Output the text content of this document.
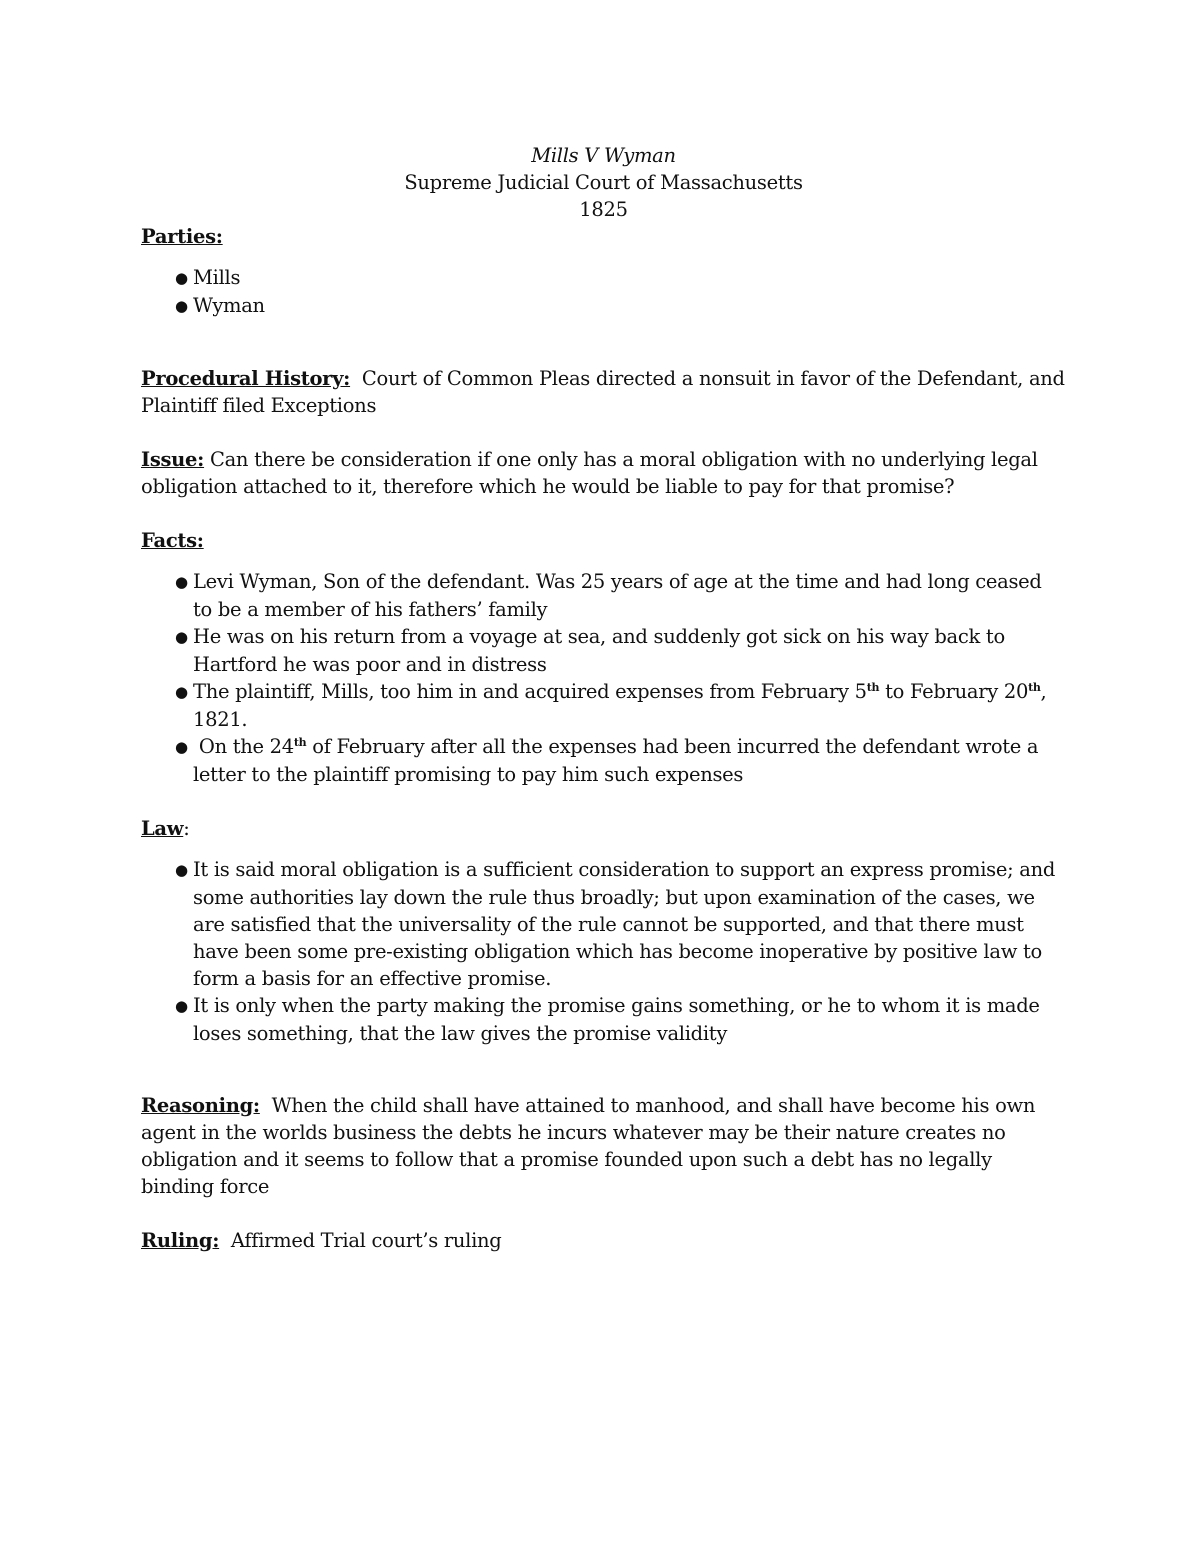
Mills V Wyman
Supreme Judicial Court of Massachusetts
1825

Parties:

● Mills
● Wyman

Procedural History: Court of Common Pleas directed a nonsuit in favor of the Defendant, and Plaintiff filed Exceptions

Issue: Can there be consideration if one only has a moral obligation with no underlying legal obligation attached to it, therefore which he would be liable to pay for that promise?

Facts:

● Levi Wyman, Son of the defendant. Was 25 years of age at the time and had long ceased to be a member of his fathers’ family
● He was on his return from a voyage at sea, and suddenly got sick on his way back to Hartford he was poor and in distress
● The plaintiff, Mills, too him in and acquired expenses from February 5th to February 20th, 1821.
● On the 24th of February after all the expenses had been incurred the defendant wrote a letter to the plaintiff promising to pay him such expenses

Law:

● It is said moral obligation is a sufficient consideration to support an express promise; and some authorities lay down the rule thus broadly; but upon examination of the cases, we are satisfied that the universality of the rule cannot be supported, and that there must have been some pre-existing obligation which has become inoperative by positive law to form a basis for an effective promise.
● It is only when the party making the promise gains something, or he to whom it is made loses something, that the law gives the promise validity

Reasoning: When the child shall have attained to manhood, and shall have become his own agent in the worlds business the debts he incurs whatever may be their nature creates no obligation and it seems to follow that a promise founded upon such a debt has no legally binding force

Ruling: Affirmed Trial court’s ruling
